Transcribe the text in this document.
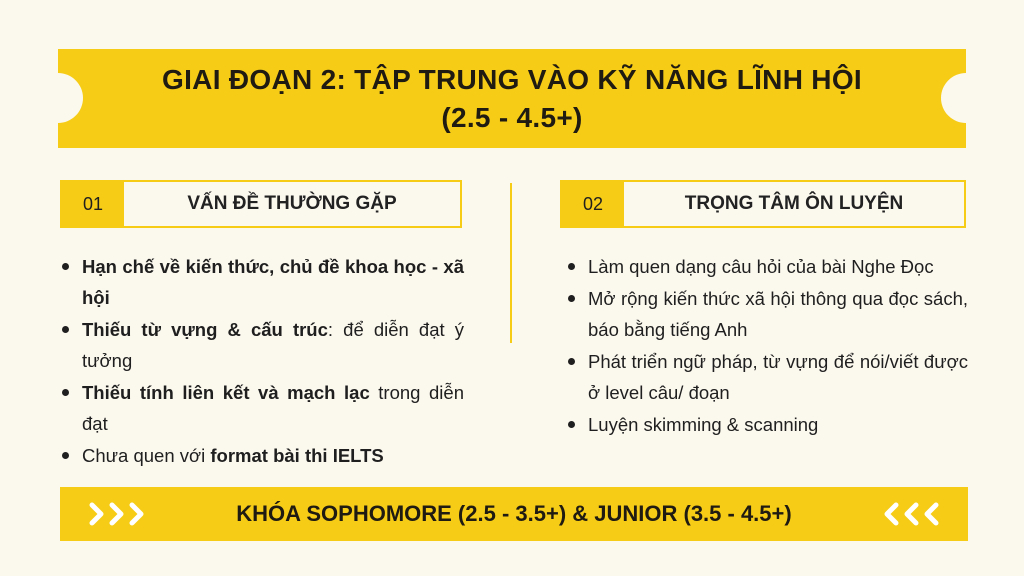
GIAI ĐOẠN 2: TẬP TRUNG VÀO KỸ NĂNG LĨNH HỘI
(2.5 - 4.5+)
01	VẤN ĐỀ THƯỜNG GẶP	02	TRỌNG TÂM ÔN LUYỆN
Hạn chế về kiến thức, chủ đề khoa học - xã hội
Thiếu từ vựng & cấu trúc: để diễn đạt ý tưởng
Thiếu tính liên kết và mạch lạc trong diễn đạt
Chưa quen với format bài thi IELTS
Làm quen dạng câu hỏi của bài Nghe Đọc
Mở rộng kiến thức xã hội thông qua đọc sách, báo bằng tiếng Anh
Phát triển ngữ pháp, từ vựng để nói/viết được ở level câu/ đoạn
Luyện skimming & scanning
KHÓA SOPHOMORE (2.5 - 3.5+) & JUNIOR (3.5 - 4.5+)
